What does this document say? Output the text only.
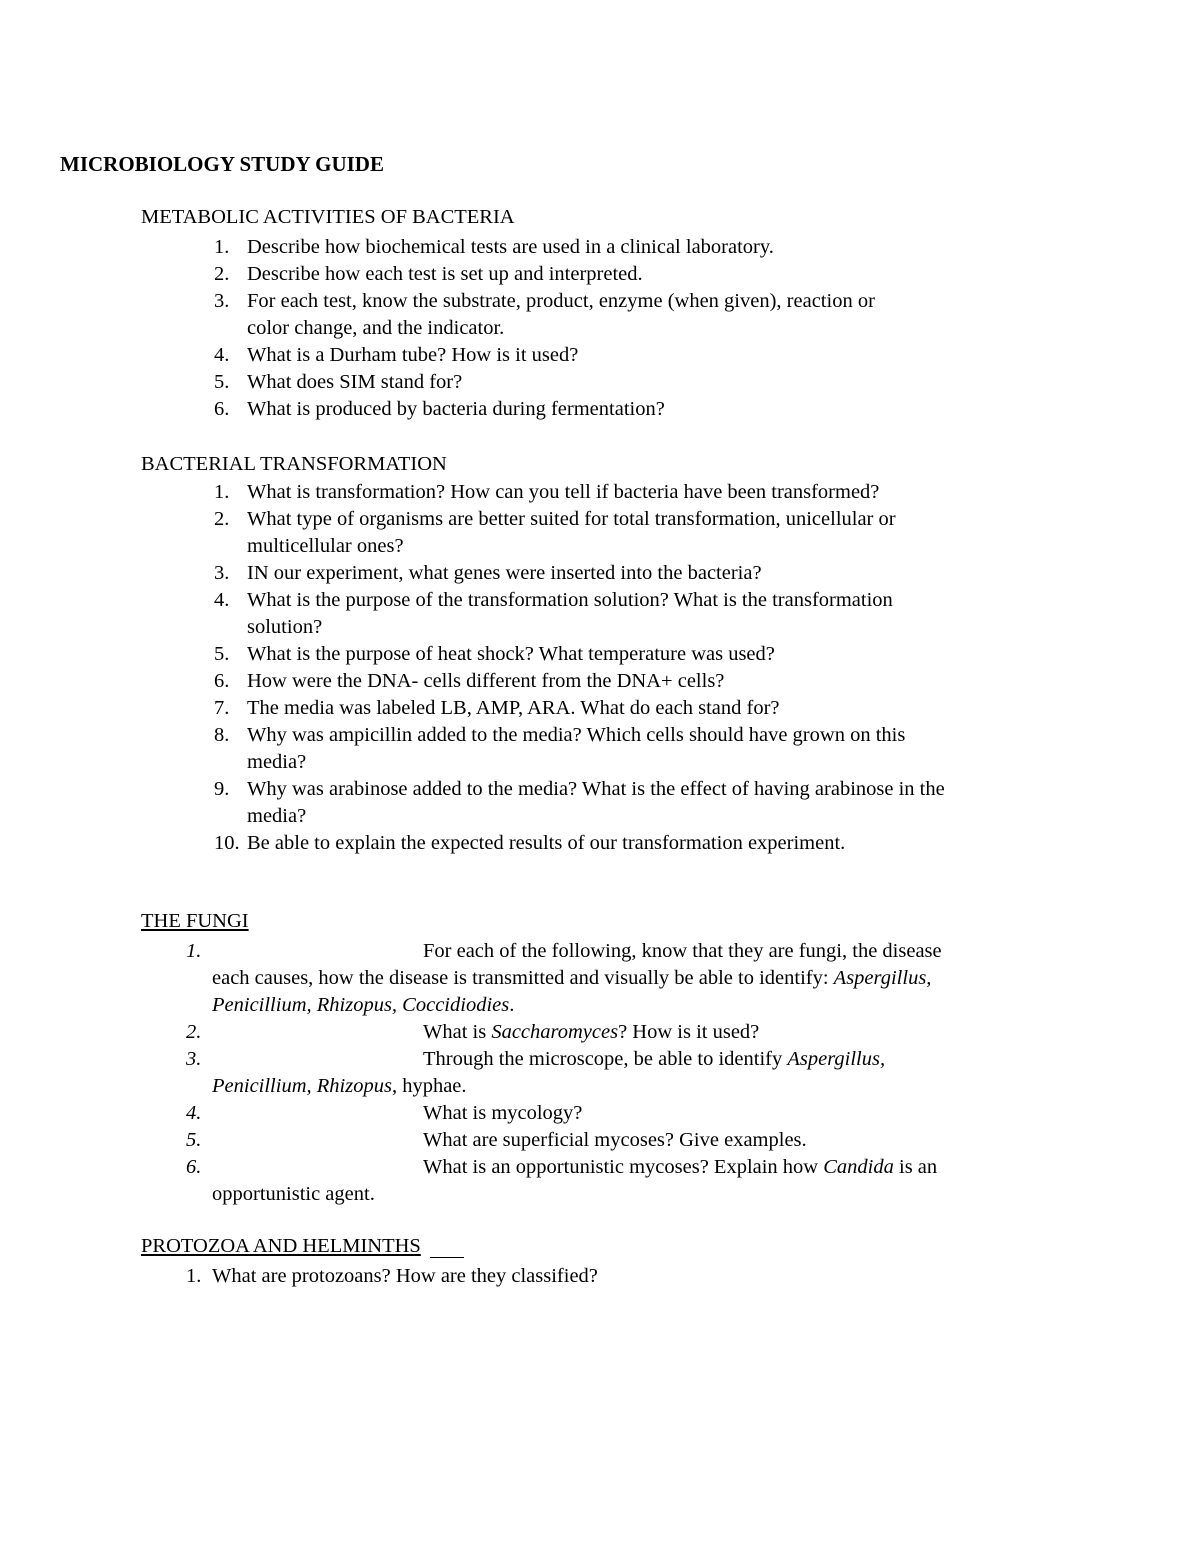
MICROBIOLOGY STUDY GUIDE
METABOLIC ACTIVITIES OF BACTERIA
1. Describe how biochemical tests are used in a clinical laboratory.
2. Describe how each test is set up and interpreted.
3. For each test, know the substrate, product, enzyme (when given), reaction or
color change, and the indicator.
4. What is a Durham tube? How is it used?
5. What does SIM stand for?
6. What is produced by bacteria during fermentation?
BACTERIAL TRANSFORMATION
1. What is transformation? How can you tell if bacteria have been transformed?
2. What type of organisms are better suited for total transformation, unicellular or
multicellular ones?
3. IN our experiment, what genes were inserted into the bacteria?
4. What is the purpose of the transformation solution? What is the transformation
solution?
5. What is the purpose of heat shock? What temperature was used?
6. How were the DNA- cells different from the DNA+ cells?
7. The media was labeled LB, AMP, ARA. What do each stand for?
8. Why was ampicillin added to the media? Which cells should have grown on this
media?
9. Why was arabinose added to the media? What is the effect of having arabinose in the
media?
10. Be able to explain the expected results of our transformation experiment.
THE FUNGI
1.	For each of the following, know that they are fungi, the disease
each causes, how the disease is transmitted and visually be able to identify: Aspergillus,
Penicillium, Rhizopus, Coccidiodies.
2.	What is Saccharomyces? How is it used?
3.	Through the microscope, be able to identify Aspergillus,
Penicillium, Rhizopus, hyphae.
4.	What is mycology?
5.	What are superficial mycoses? Give examples.
6.	What is an opportunistic mycoses? Explain how Candida is an
opportunistic agent.
PROTOZOA AND HELMINTHS
1. What are protozoans? How are they classified?
